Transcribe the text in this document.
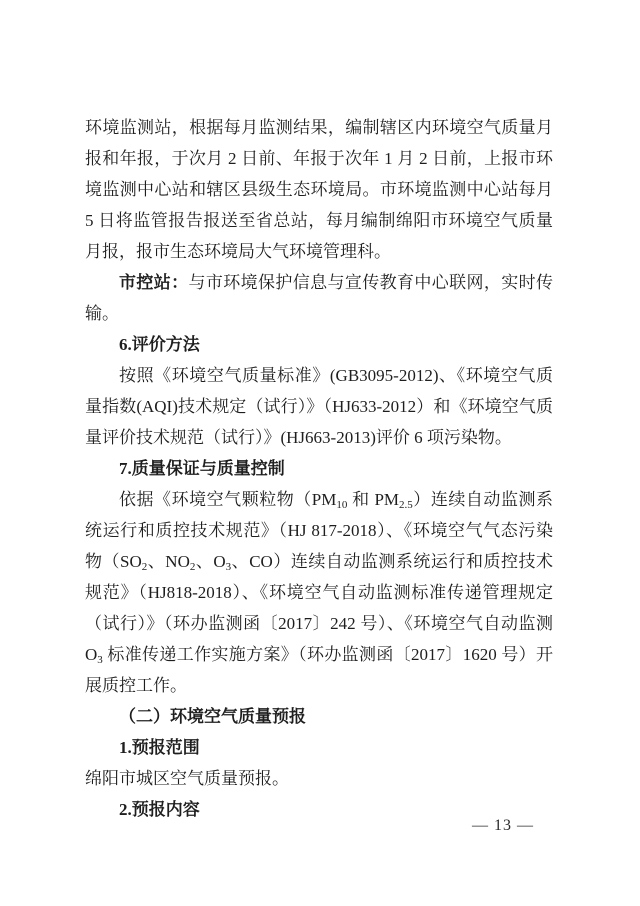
环境监测站，根据每月监测结果，编制辖区内环境空气质量月报和年报，于次月 2 日前、年报于次年 1 月 2 日前，上报市环境监测中心站和辖区县级生态环境局。市环境监测中心站每月 5 日将监管报告报送至省总站，每月编制绵阳市环境空气质量月报，报市生态环境局大气环境管理科。

市控站：与市环境保护信息与宣传教育中心联网，实时传输。

6.评价方法

按照《环境空气质量标准》(GB3095-2012)、《环境空气质量指数(AQI)技术规定（试行）》（HJ633-2012）和《环境空气质量评价技术规范（试行）》(HJ663-2013)评价 6 项污染物。

7.质量保证与质量控制

依据《环境空气颗粒物（$PM_{10}$ 和 $PM_{2.5}$）连续自动监测系统运行和质控技术规范》（HJ 817-2018）、《环境空气气态污染物（$SO_2$、$NO_2$、$O_3$、CO）连续自动监测系统运行和质控技术规范》（HJ818-2018）、《环境空气自动监测标准传递管理规定（试行）》（环办监测函〔2017〕242 号）、《环境空气自动监测 $O_3$ 标准传递工作实施方案》（环办监测函〔2017〕1620 号）开展质控工作。

（二）环境空气质量预报

1.预报范围

绵阳市城区空气质量预报。

2.预报内容

— 13 —
